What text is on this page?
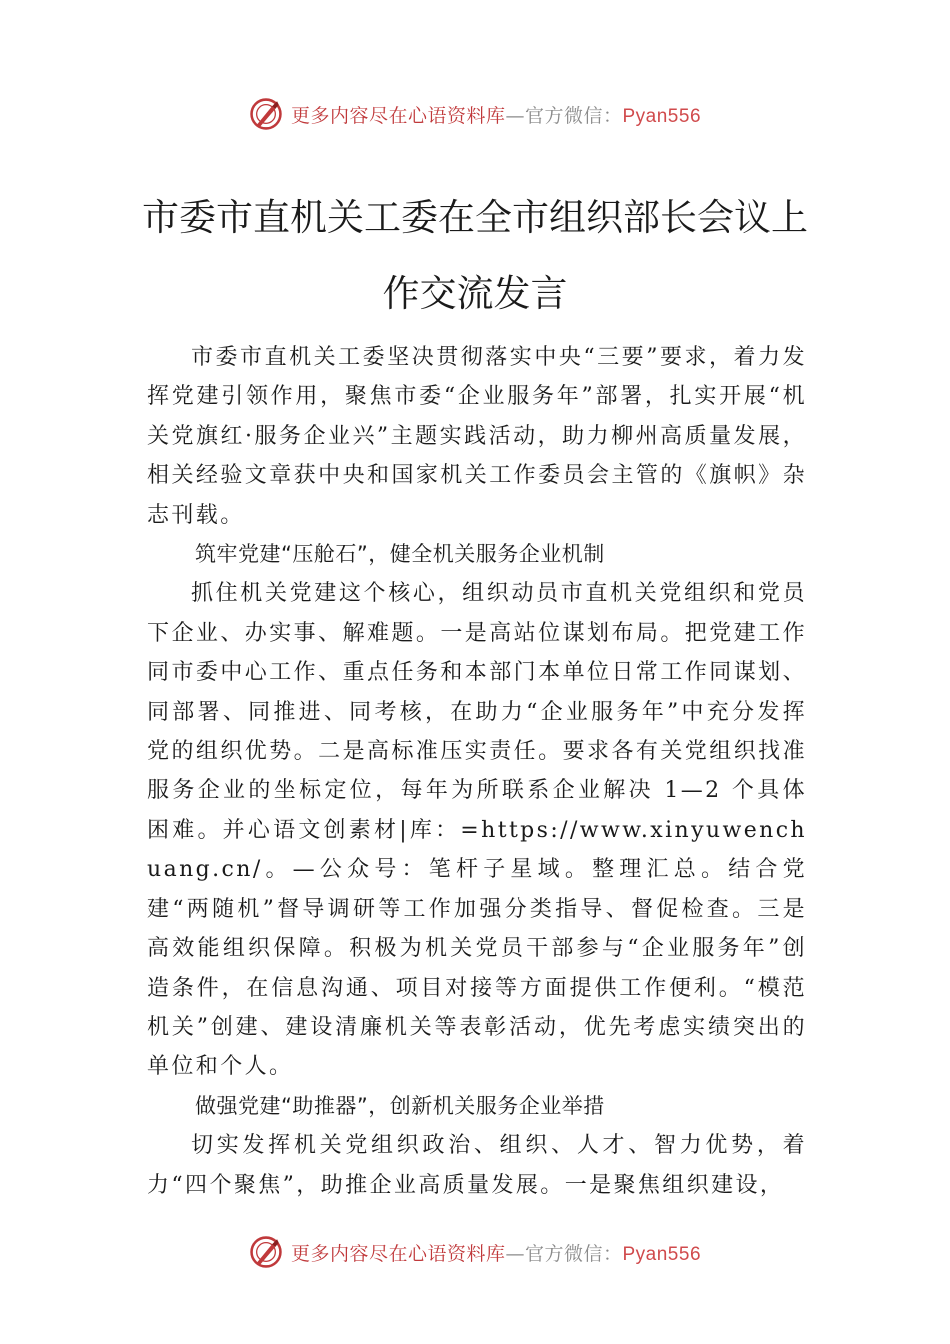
更多内容尽在心语资料库—官方微信：Pyan556
市委市直机关工委在全市组织部长会议上
作交流发言

市委市直机关工委坚决贯彻落实中央“三要”要求，着力发挥党建引领作用，聚焦市委“企业服务年”部署，扎实开展“机关党旗红·服务企业兴”主题实践活动，助力柳州高质量发展，相关经验文章获中央和国家机关工作委员会主管的《旗帜》杂志刊载。

筑牢党建“压舱石”，健全机关服务企业机制

抓住机关党建这个核心，组织动员市直机关党组织和党员下企业、办实事、解难题。一是高站位谋划布局。把党建工作同市委中心工作、重点任务和本部门本单位日常工作同谋划、同部署、同推进、同考核，在助力“企业服务年”中充分发挥党的组织优势。二是高标准压实责任。要求各有关党组织找准服务企业的坐标定位，每年为所联系企业解决 1—2 个具体困难。并心语文创素材|库：=https://www.xinyuwenchuang.cn/。—公众号：笔杆子星域。整理汇总。结合党建“两随机”督导调研等工作加强分类指导、督促检查。三是高效能组织保障。积极为机关党员干部参与“企业服务年”创造条件，在信息沟通、项目对接等方面提供工作便利。“模范机关”创建、建设清廉机关等表彰活动，优先考虑实绩突出的单位和个人。

做强党建“助推器”，创新机关服务企业举措

切实发挥机关党组织政治、组织、人才、智力优势，着力“四个聚焦”，助推企业高质量发展。一是聚焦组织建设，

更多内容尽在心语资料库—官方微信：Pyan556
